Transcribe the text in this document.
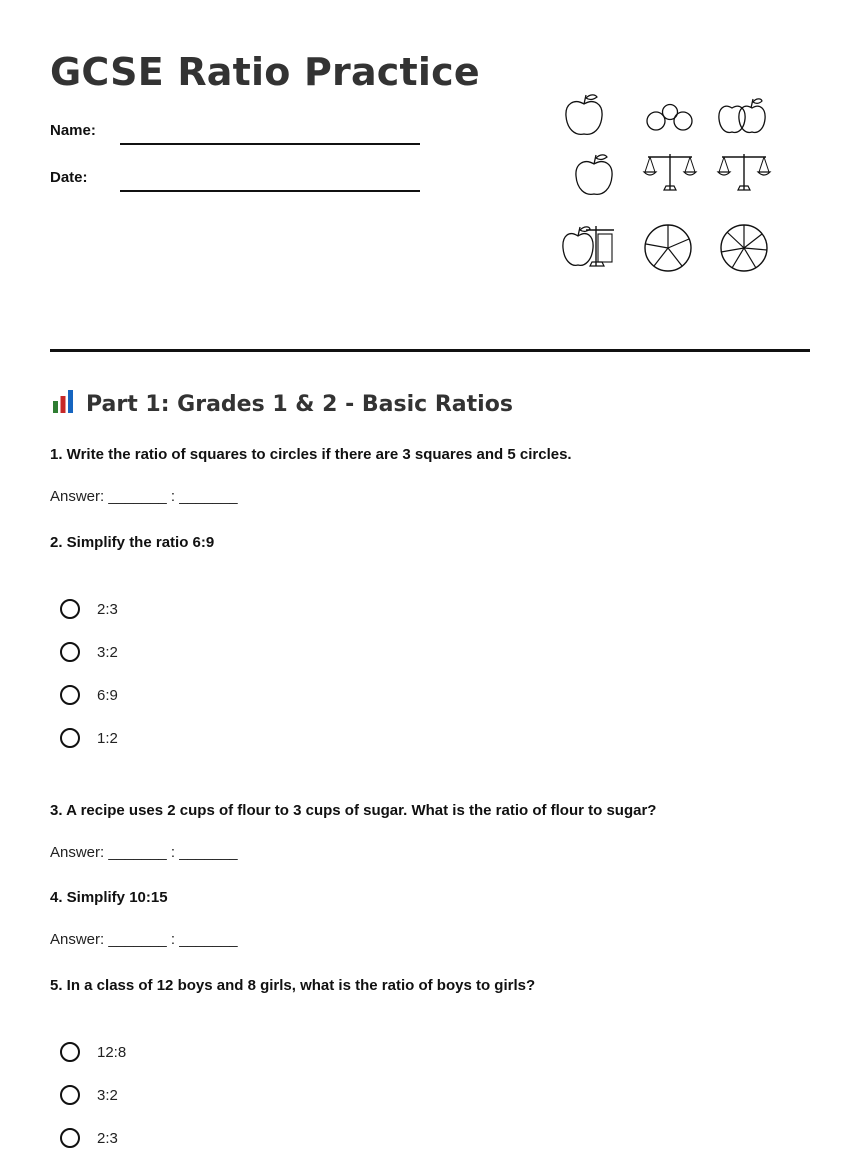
GCSE Ratio Practice
Name:
Date:
Part 1: Grades 1 & 2 - Basic Ratios
1. Write the ratio of squares to circles if there are 3 squares and 5 circles.
Answer: _______ : _______
2. Simplify the ratio 6:9
2:3
3:2
6:9
1:2
3. A recipe uses 2 cups of flour to 3 cups of sugar. What is the ratio of flour to sugar?
Answer: _______ : _______
4. Simplify 10:15
Answer: _______ : _______
5. In a class of 12 boys and 8 girls, what is the ratio of boys to girls?
12:8
3:2
2:3
